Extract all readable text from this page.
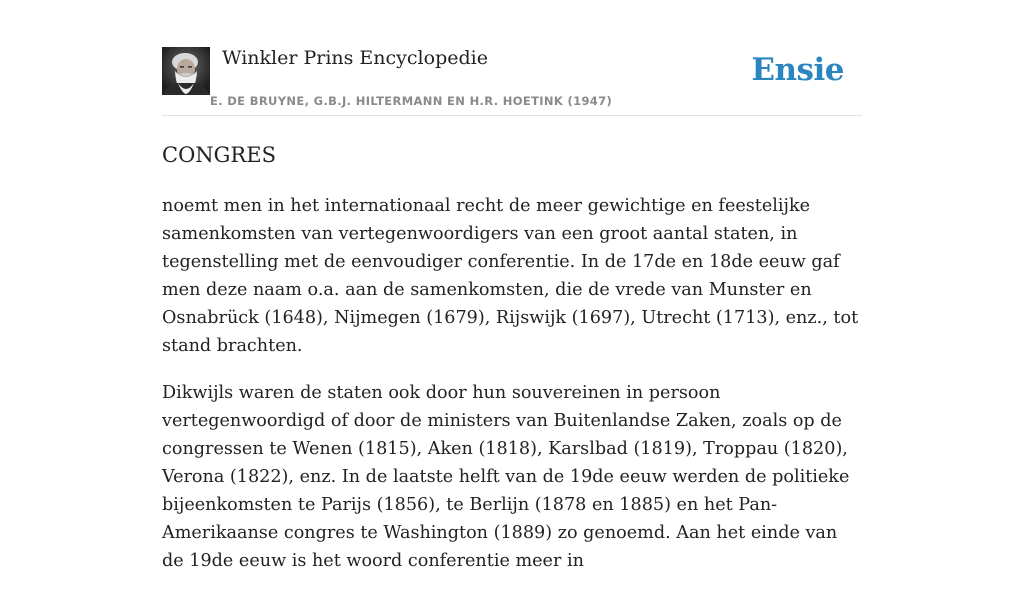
Winkler Prins Encyclopedie
E. DE BRUYNE, G.B.J. HILTERMANN EN H.R. HOETINK (1947)
Ensie
CONGRES

noemt men in het internationaal recht de meer gewichtige en feestelijke samenkomsten van vertegenwoordigers van een groot aantal staten, in tegenstelling met de eenvoudiger conferentie. In de 17de en 18de eeuw gaf men deze naam o.a. aan de samenkomsten, die de vrede van Munster en Osnabrück (1648), Nijmegen (1679), Rijswijk (1697), Utrecht (1713), enz., tot stand brachten.

Dikwijls waren de staten ook door hun souvereinen in persoon vertegenwoordigd of door de ministers van Buitenlandse Zaken, zoals op de congressen te Wenen (1815), Aken (1818), Karslbad (1819), Troppau (1820), Verona (1822), enz. In de laatste helft van de 19de eeuw werden de politieke bijeenkomsten te Parijs (1856), te Berlijn (1878 en 1885) en het Pan-Amerikaanse congres te Washington (1889) zo genoemd. Aan het einde van de 19de eeuw is het woord conferentie meer in
